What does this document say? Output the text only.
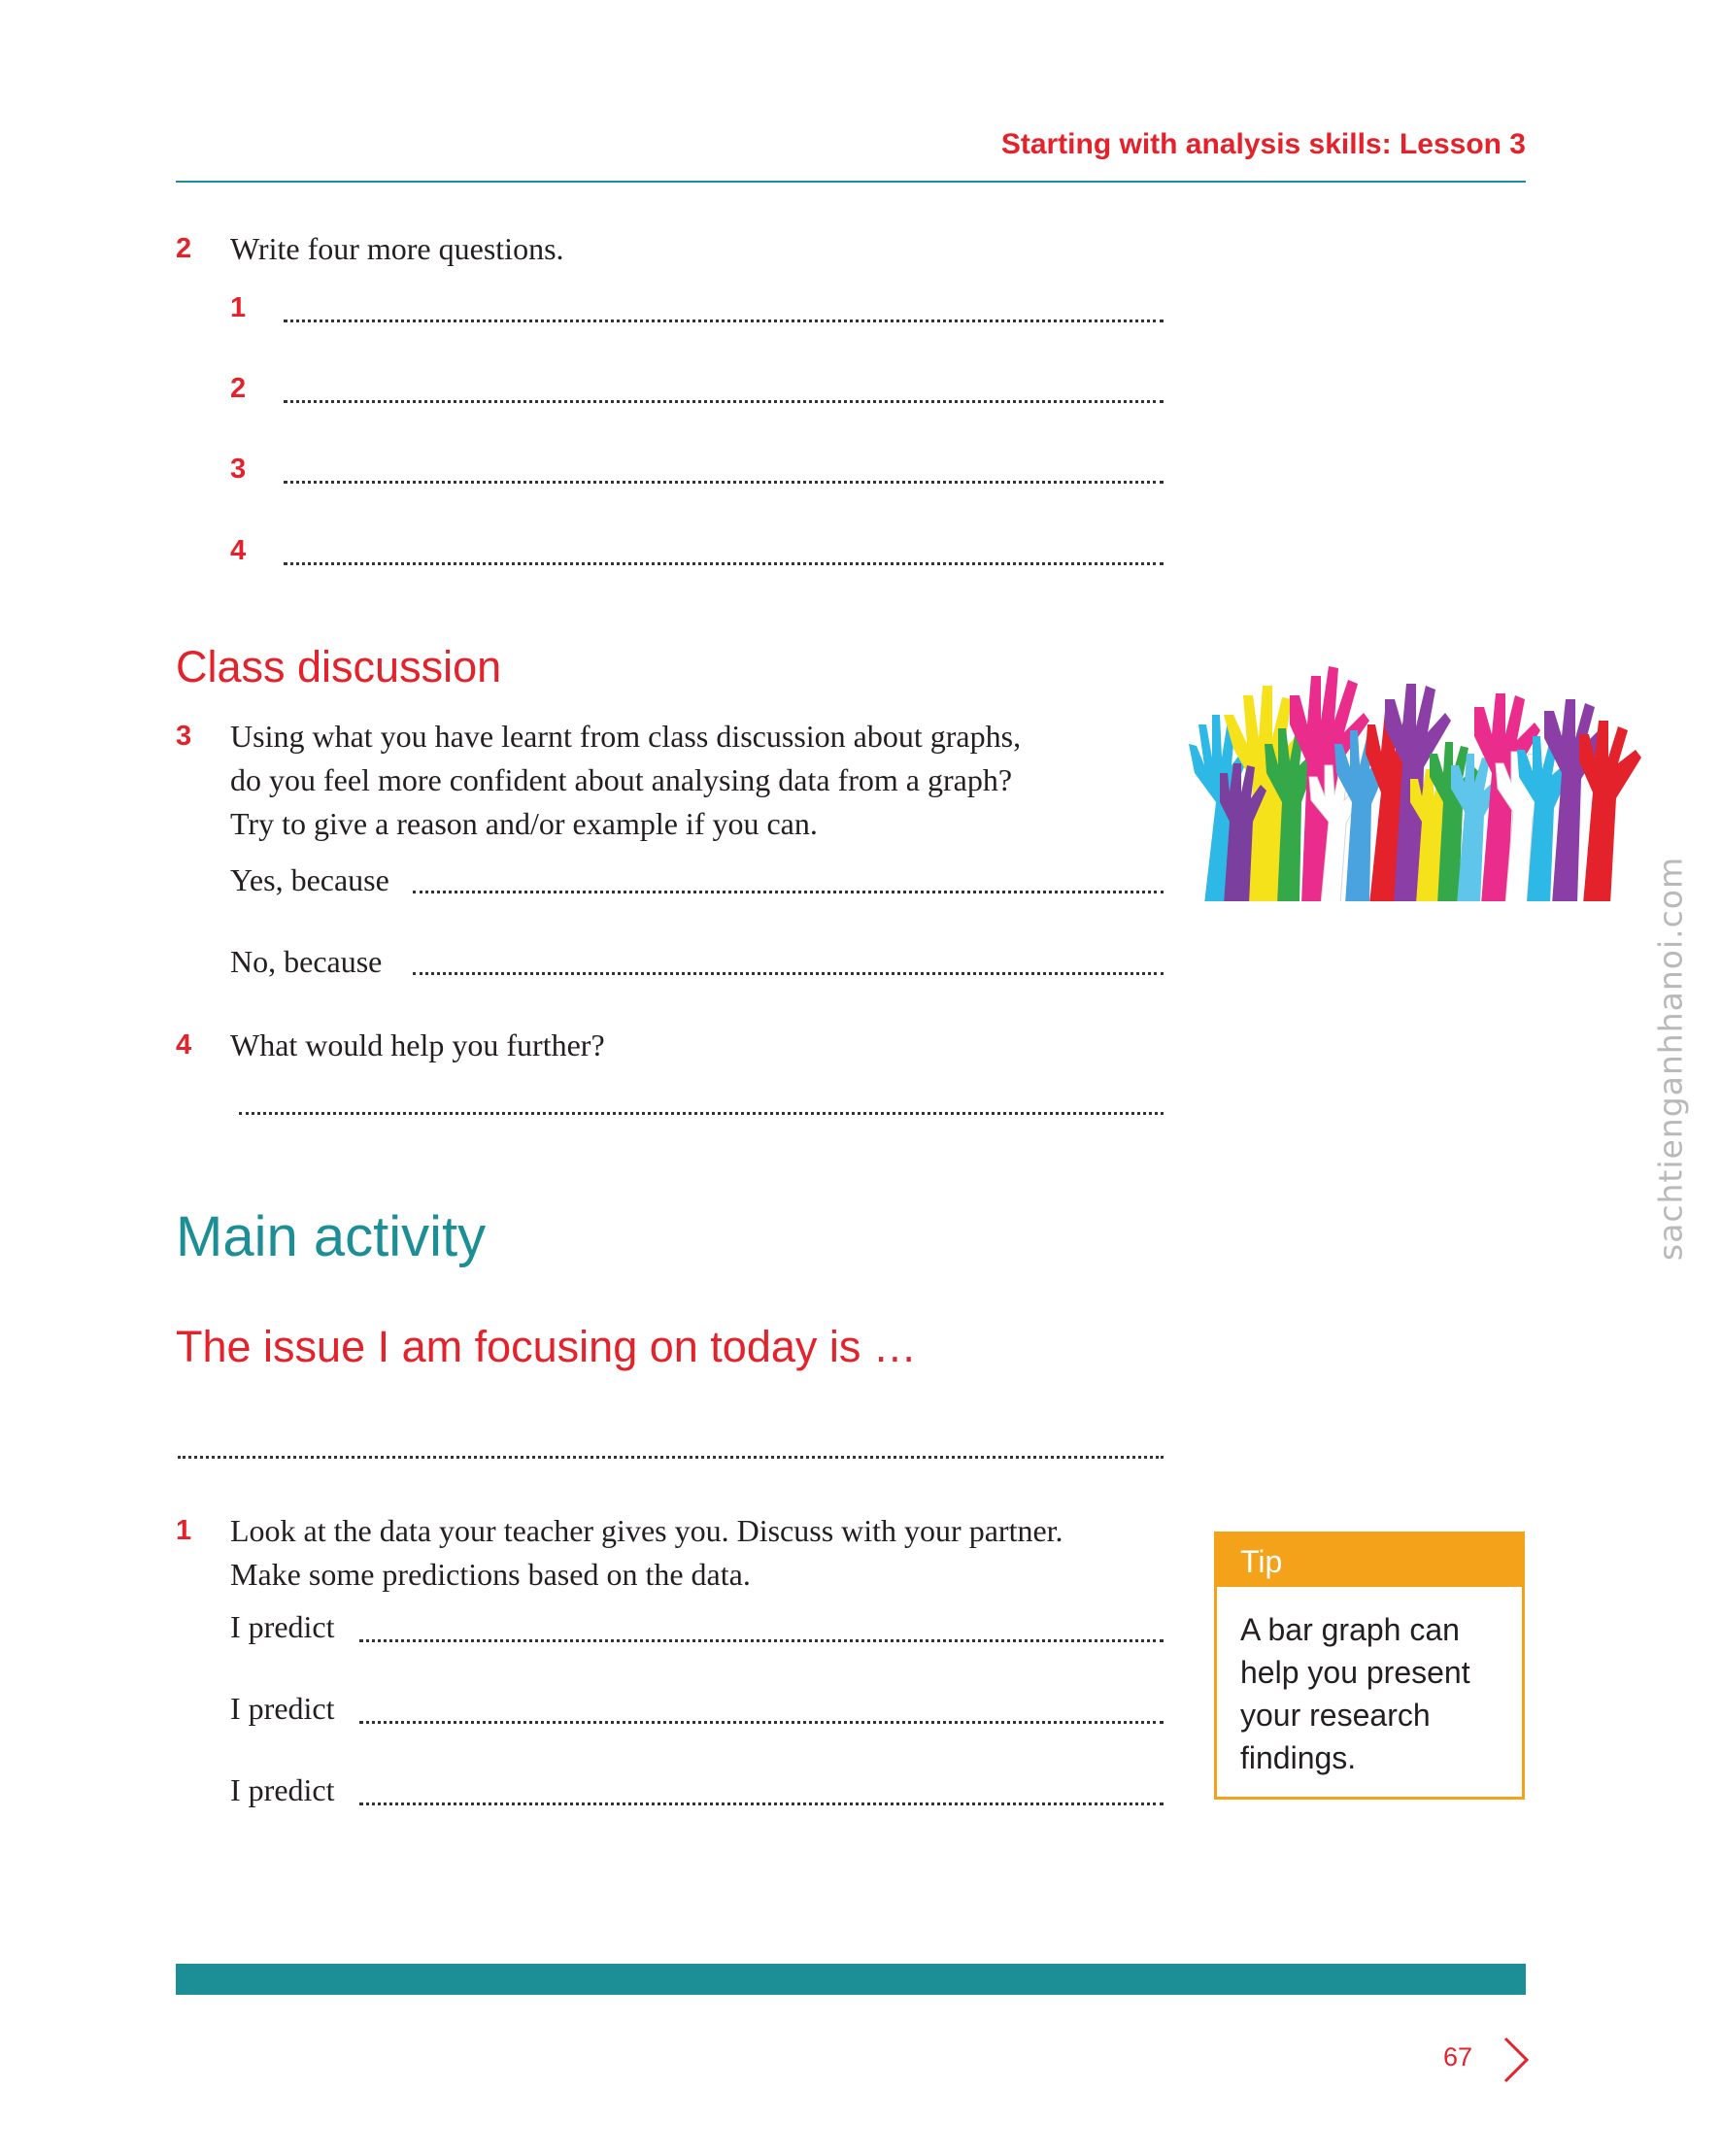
Starting with analysis skills: Lesson 3
2 Write four more questions.
1
2
3
4
Class discussion
3 Using what you have learnt from class discussion about graphs,
do you feel more confident about analysing data from a graph?
Try to give a reason and/or example if you can.
Yes, because
No, because
4 What would help you further?
Main activity
The issue I am focusing on today is …
1 Look at the data your teacher gives you. Discuss with your partner.
Make some predictions based on the data.
I predict
I predict
I predict
Tip
A bar graph can help you present your research findings.
67
sachtienganhhanoi.com
